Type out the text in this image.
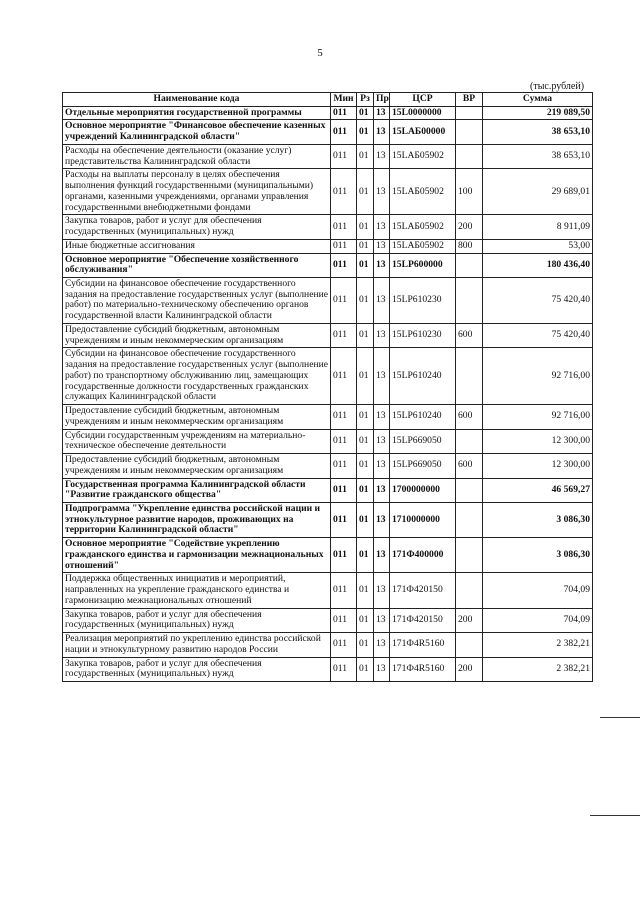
5
(тыс.рублей)
Наименование кода	Мин	Рз	Пр	ЦСР	ВР	Сумма
Отдельные мероприятия государственной программы	011	01	13	15L0000000		219 089,50
Основное мероприятие "Финансовое обеспечение казенных учреждений Калининградской области"	011	01	13	15LАБ00000		38 653,10
Расходы на обеспечение деятельности (оказание услуг) представительства Калининградской области	011	01	13	15LАБ05902		38 653,10
Расходы на выплаты персоналу в целях обеспечения выполнения функций государственными (муниципальными) органами, казенными учреждениями, органами управления государственными внебюджетными фондами	011	01	13	15LАБ05902	100	29 689,01
Закупка товаров, работ и услуг для обеспечения государственных (муниципальных) нужд	011	01	13	15LАБ05902	200	8 911,09
Иные бюджетные ассигнования	011	01	13	15LАБ05902	800	53,00
Основное мероприятие "Обеспечение хозяйственного обслуживания"	011	01	13	15LP600000		180 436,40
Субсидии на финансовое обеспечение государственного задания на предоставление государственных услуг (выполнение работ) по материально-техническому обеспечению органов государственной власти Калининградской области	011	01	13	15LP610230		75 420,40
Предоставление субсидий бюджетным, автономным учреждениям и иным некоммерческим организациям	011	01	13	15LP610230	600	75 420,40
Субсидии на финансовое обеспечение государственного задания на предоставление государственных услуг (выполнение работ) по транспортному обслуживанию лиц, замещающих государственные должности государственных гражданских служащих Калининградской области	011	01	13	15LP610240		92 716,00
Предоставление субсидий бюджетным, автономным учреждениям и иным некоммерческим организациям	011	01	13	15LP610240	600	92 716,00
Субсидии государственным учреждениям на материально-техническое обеспечение деятельности	011	01	13	15LP669050		12 300,00
Предоставление субсидий бюджетным, автономным учреждениям и иным некоммерческим организациям	011	01	13	15LP669050	600	12 300,00
Государственная программа Калининградской области "Развитие гражданского общества"	011	01	13	1700000000		46 569,27
Подпрограмма "Укрепление единства российской нации и этнокультурное развитие народов, проживающих на территории Калининградской области"	011	01	13	1710000000		3 086,30
Основное мероприятие "Содействие укреплению гражданского единства и гармонизации межнациональных отношений"	011	01	13	171Ф400000		3 086,30
Поддержка общественных инициатив и мероприятий, направленных на укрепление гражданского единства и гармонизацию межнациональных отношений	011	01	13	171Ф420150		704,09
Закупка товаров, работ и услуг для обеспечения государственных (муниципальных) нужд	011	01	13	171Ф420150	200	704,09
Реализация мероприятий по укреплению единства российской нации и этнокультурному развитию народов России	011	01	13	171Ф4R5160		2 382,21
Закупка товаров, работ и услуг для обеспечения государственных (муниципальных) нужд	011	01	13	171Ф4R5160	200	2 382,21
